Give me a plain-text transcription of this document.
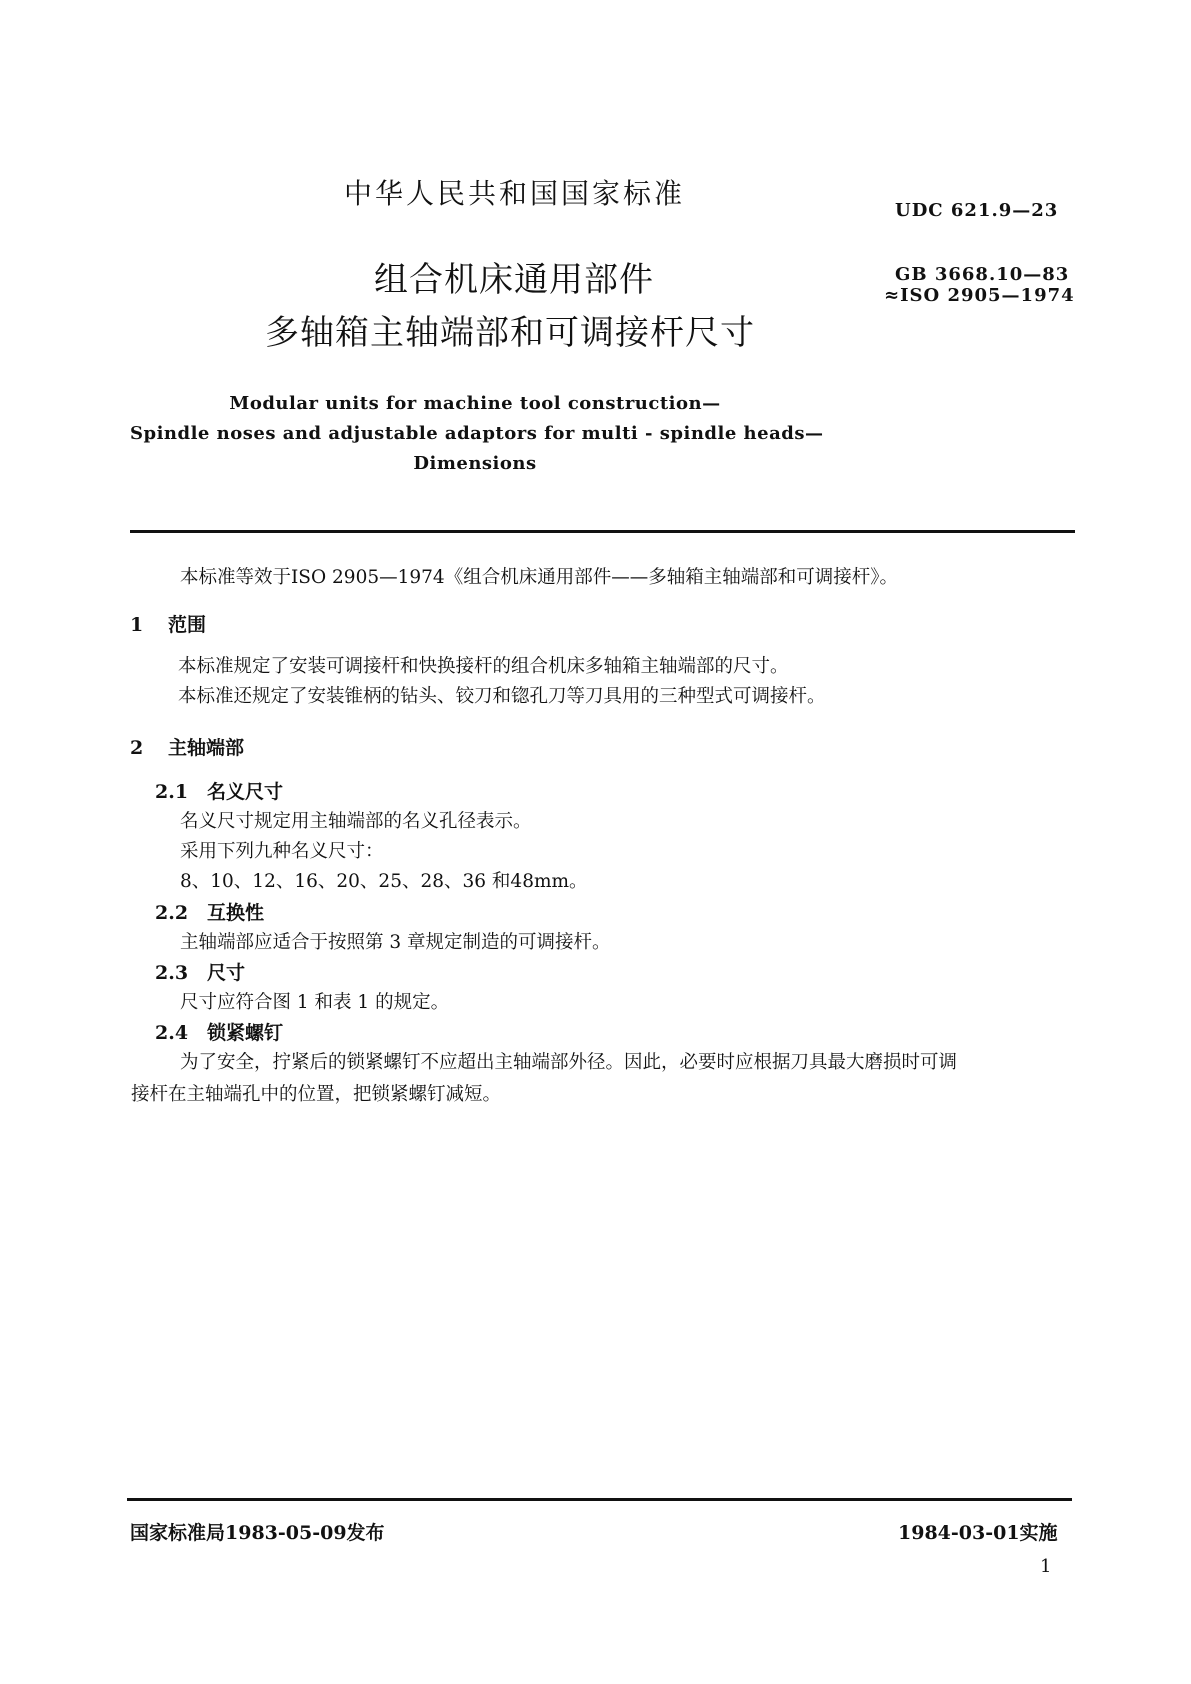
中华人民共和国国家标准
UDC 621.9—23
组合机床通用部件
多轴箱主轴端部和可调接杆尺寸
GB 3668.10—83
≈ISO 2905—1974
Modular units for machine tool construction—
Spindle noses and adjustable adaptors for multi - spindle heads—
Dimensions
本标准等效于ISO 2905—1974《组合机床通用部件——多轴箱主轴端部和可调接杆》。
1 范围
本标准规定了安装可调接杆和快换接杆的组合机床多轴箱主轴端部的尺寸。
本标准还规定了安装锥柄的钻头、铰刀和锪孔刀等刀具用的三种型式可调接杆。
2 主轴端部
2.1 名义尺寸
名义尺寸规定用主轴端部的名义孔径表示。
采用下列九种名义尺寸：
8、10、12、16、20、25、28、36 和48mm。
2.2 互换性
主轴端部应适合于按照第 3 章规定制造的可调接杆。
2.3 尺寸
尺寸应符合图 1 和表 1 的规定。
2.4 锁紧螺钉
为了安全，拧紧后的锁紧螺钉不应超出主轴端部外径。因此，必要时应根据刀具最大磨损时可调
接杆在主轴端孔中的位置，把锁紧螺钉减短。
国家标准局1983-05-09发布	1984-03-01实施
1
